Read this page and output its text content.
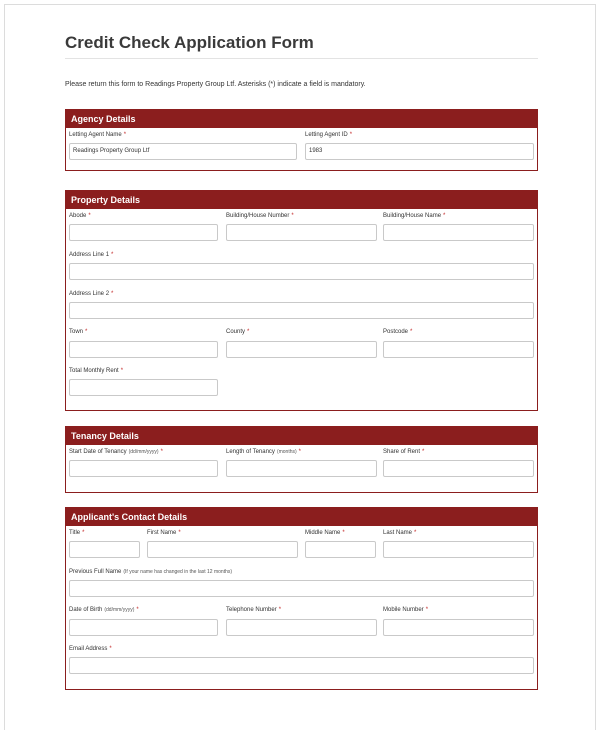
Credit Check Application Form
Please return this form to Readings Property Group Ltf. Asterisks (*) indicate a field is mandatory.
Agency Details
Letting Agent Name *
Readings Property Group Ltf
Letting Agent ID *
1983
Property Details
Abode *	Building/House Number *	Building/House Name *
Address Line 1 *
Address Line 2 *
Town *	County *	Postcode *
Total Monthly Rent *
Tenancy Details
Start Date of Tenancy (dd/mm/yyyy) *	Length of Tenancy (months) *	Share of Rent *
Applicant's Contact Details
Title *	First Name *	Middle Name *	Last Name *
Previous Full Name (If your name has changed in the last 12 months)
Date of Birth (dd/mm/yyyy) *	Telephone Number *	Mobile Number *
Email Address *
